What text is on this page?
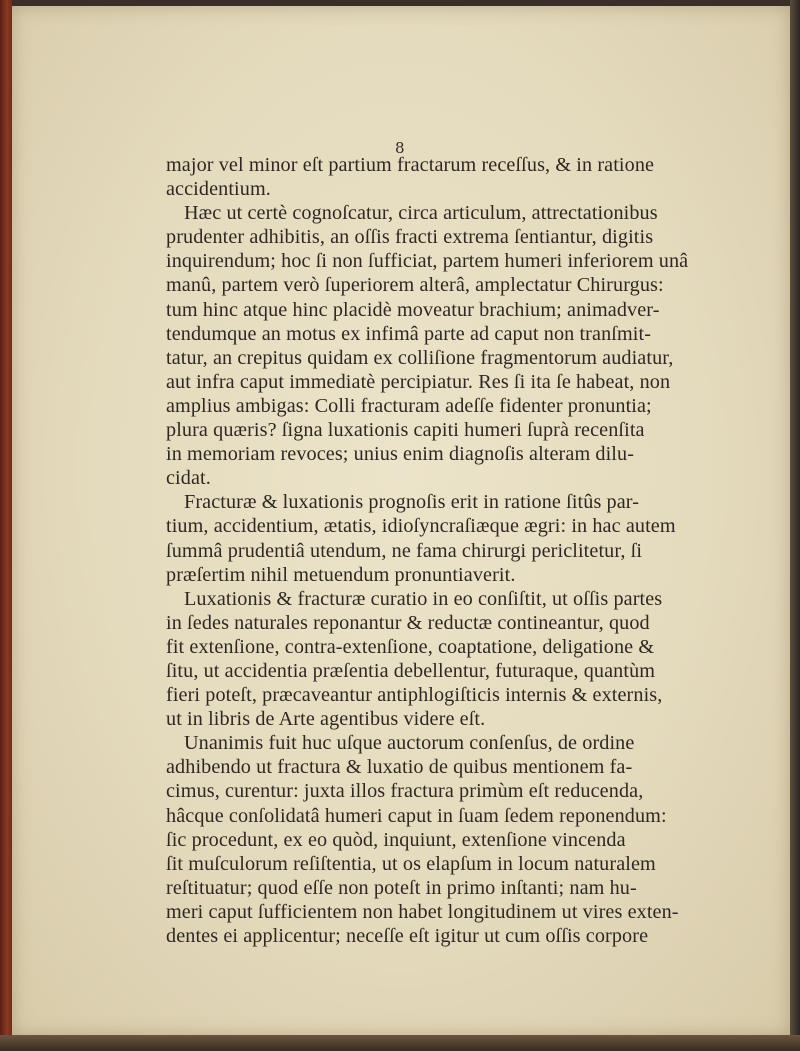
8
major vel minor eſt partium fractarum receſſus, & in ratione
accidentium.
Hæc ut certè cognoſcatur, circa articulum, attrectationibus
prudenter adhibitis, an oſſis fracti extrema ſentiantur, digitis
inquirendum; hoc ſi non ſufficiat, partem humeri inferiorem unâ
manû, partem verò ſuperiorem alterâ, amplectatur Chirurgus:
tum hinc atque hinc placidè moveatur brachium; animadver-
tendumque an motus ex infimâ parte ad caput non tranſmit-
tatur, an crepitus quidam ex colliſione fragmentorum audiatur,
aut infra caput immediatè percipiatur. Res ſi ita ſe habeat, non
amplius ambigas: Colli fracturam adeſſe fidenter pronuntia;
plura quæris? ſigna luxationis capiti humeri ſuprà recenſita
in memoriam revoces; unius enim diagnoſis alteram dilu-
cidat.
Fracturæ & luxationis prognoſis erit in ratione ſitûs par-
tium, accidentium, ætatis, idioſyncraſiæque ægri: in hac autem
ſummâ prudentiâ utendum, ne fama chirurgi periclitetur, ſi
præſertim nihil metuendum pronuntiaverit.
Luxationis & fracturæ curatio in eo conſiſtit, ut oſſis partes
in ſedes naturales reponantur & reductæ contineantur, quod
fit extenſione, contra-extenſione, coaptatione, deligatione &
ſitu, ut accidentia præſentia debellentur, futuraque, quantùm
fieri poteſt, præcaveantur antiphlogiſticis internis & externis,
ut in libris de Arte agentibus videre eſt.
Unanimis fuit huc uſque auctorum conſenſus, de ordine
adhibendo ut fractura & luxatio de quibus mentionem fa-
cimus, curentur: juxta illos fractura primùm eſt reducenda,
hâcque conſolidatâ humeri caput in ſuam ſedem reponendum:
ſic procedunt, ex eo quòd, inquiunt, extenſione vincenda
ſit muſculorum reſiſtentia, ut os elapſum in locum naturalem
reſtituatur; quod eſſe non poteſt in primo inſtanti; nam hu-
meri caput ſufficientem non habet longitudinem ut vires exten-
dentes ei applicentur; neceſſe eſt igitur ut cum oſſis corpore
